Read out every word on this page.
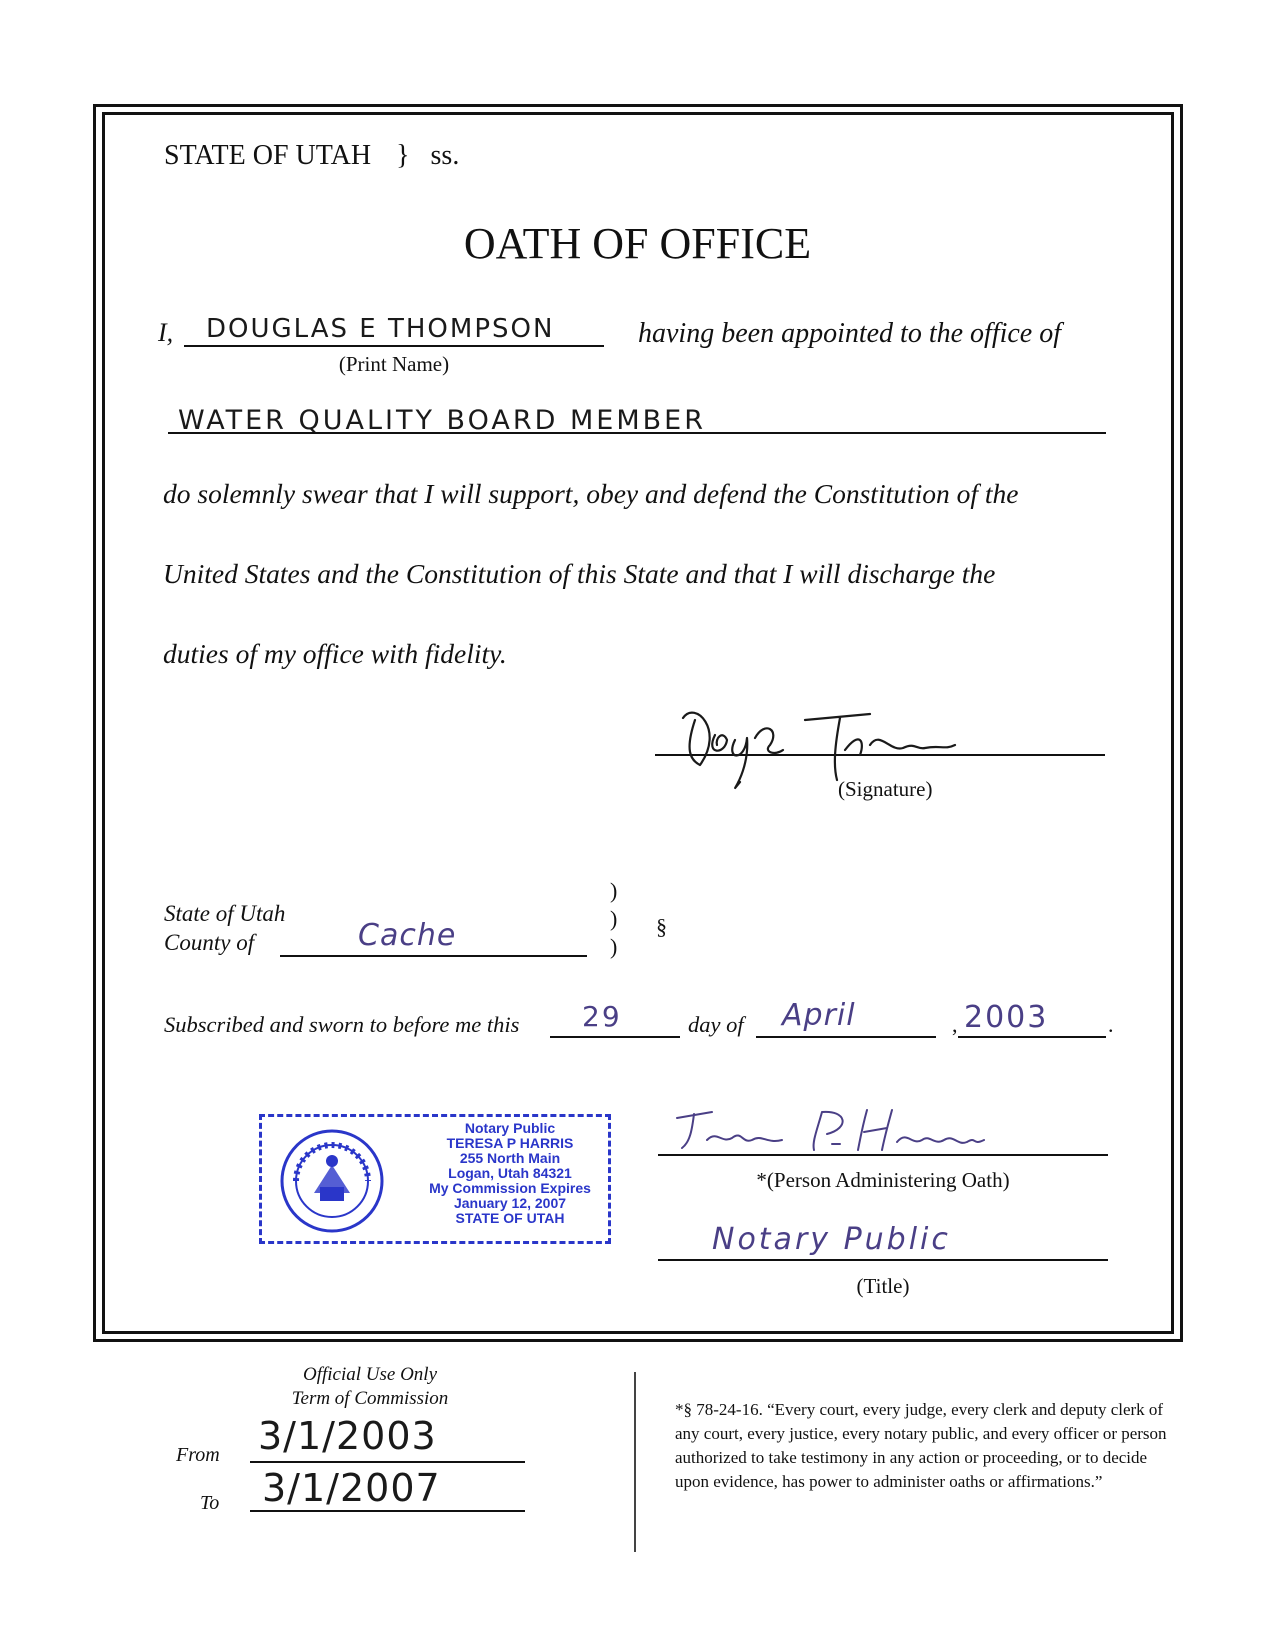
STATE OF UTAH } ss.
OATH OF OFFICE
I, DOUGLAS E THOMPSON
(Print Name)
having been appointed to the office of
WATER QUALITY BOARD MEMBER
do solemnly swear that I will support, obey and defend the Constitution of the
United States and the Constitution of this State and that I will discharge the
duties of my office with fidelity.
(Signature)
State of Utah
County of	Cache
)
)
)
§
Subscribed and sworn to before me this 29	day of April	, 2003	.
Notary Public
TERESA P HARRIS
255 North Main
Logan, Utah 84321
My Commission Expires
January 12, 2007
STATE OF UTAH
*(Person Administering Oath)
Notary Public
(Title)
Official Use Only
Term of Commission
From 3/1/2003
To 3/1/2007
*§ 78-24-16. “Every court, every judge, every clerk and deputy clerk of any court, every justice, every notary public, and every officer or person authorized to take testimony in any action or proceeding, or to decide upon evidence, has power to administer oaths or affirmations.”
